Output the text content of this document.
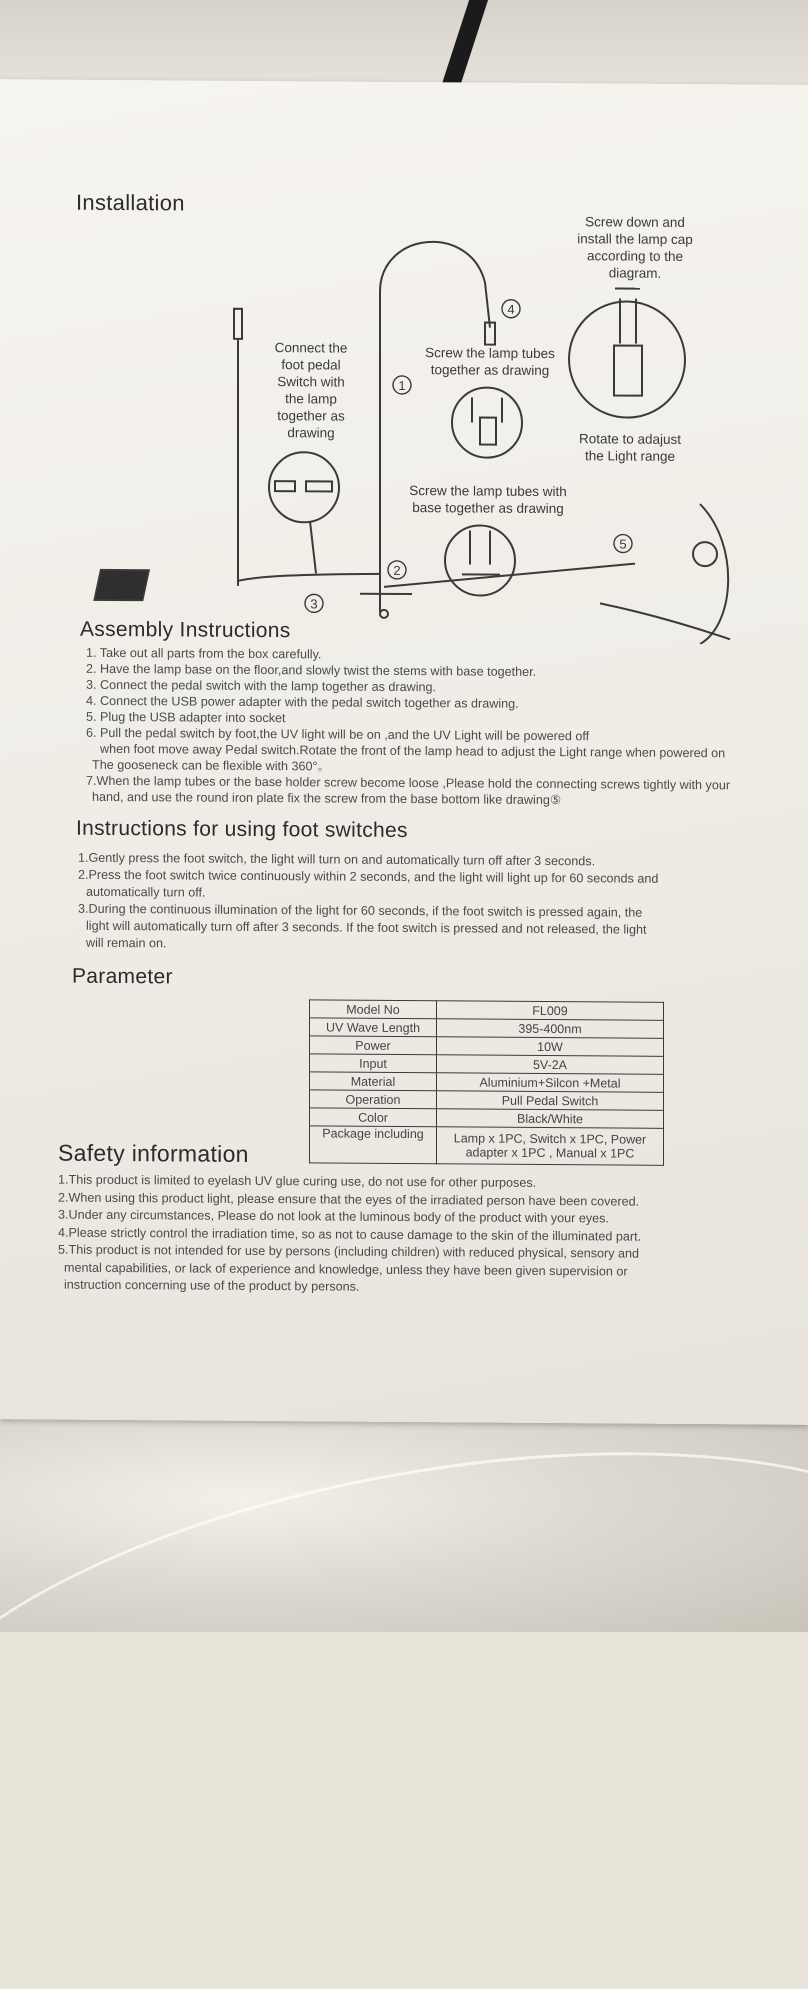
Installation
1
2
3
4
5
Screw down and
install the lamp cap
according to the
diagram.
Rotate to adajust
the Light range
Connect the
foot pedal
Switch with
the lamp
together as
drawing
Screw the lamp tubes
together as drawing
Screw the lamp tubes with
base together as drawing
Assembly Instructions

1. Take out all parts from the box carefully.

2. Have the lamp base on the floor,and slowly twist the stems with base together.

3. Connect the pedal switch with the lamp together as drawing.

4. Connect the USB power adapter with the pedal switch together as drawing.

5. Plug the USB adapter into socket

6. Pull the pedal switch by foot,the UV light will be on ,and the UV Light will be powered off

when foot move away Pedal switch.Rotate the front of the lamp head to adjust the Light range when powered on

The gooseneck can be flexible with 360°。

7.When the lamp tubes or the base holder screw become loose ,Please hold the connecting screws tightly with your

hand, and use the round iron plate fix the screw from the base bottom like drawing⑤

Instructions for using foot switches

1.Gently press the foot switch, the light will turn on and automatically turn off after 3 seconds.

2.Press the foot switch twice continuously within 2 seconds, and the light will light up for 60 seconds and

automatically turn off.

3.During the continuous illumination of the light for 60 seconds, if the foot switch is pressed again, the

light will automatically turn off after 3 seconds. If the foot switch is pressed and not released, the light

will remain on.

Parameter
Model No	FL009
UV Wave Length	395-400nm
Power	10W
Input	5V-2A
Material	Aluminium+Silcon +Metal
Operation	Pull Pedal Switch
Color	Black/White
Package including	Lamp x 1PC, Switch x 1PC, Power adapter x 1PC , Manual x 1PC
Safety information

1.This product is limited to eyelash UV glue curing use, do not use for other purposes.

2.When using this product light, please ensure that the eyes of the irradiated person have been covered.

3.Under any circumstances, Please do not look at the luminous body of the product with your eyes.

4.Please strictly control the irradiation time, so as not to cause damage to the skin of the illuminated part.

5.This product is not intended for use by persons (including children) with reduced physical, sensory and

mental capabilities, or lack of experience and knowledge, unless they have been given supervision or

instruction concerning use of the product by persons.
